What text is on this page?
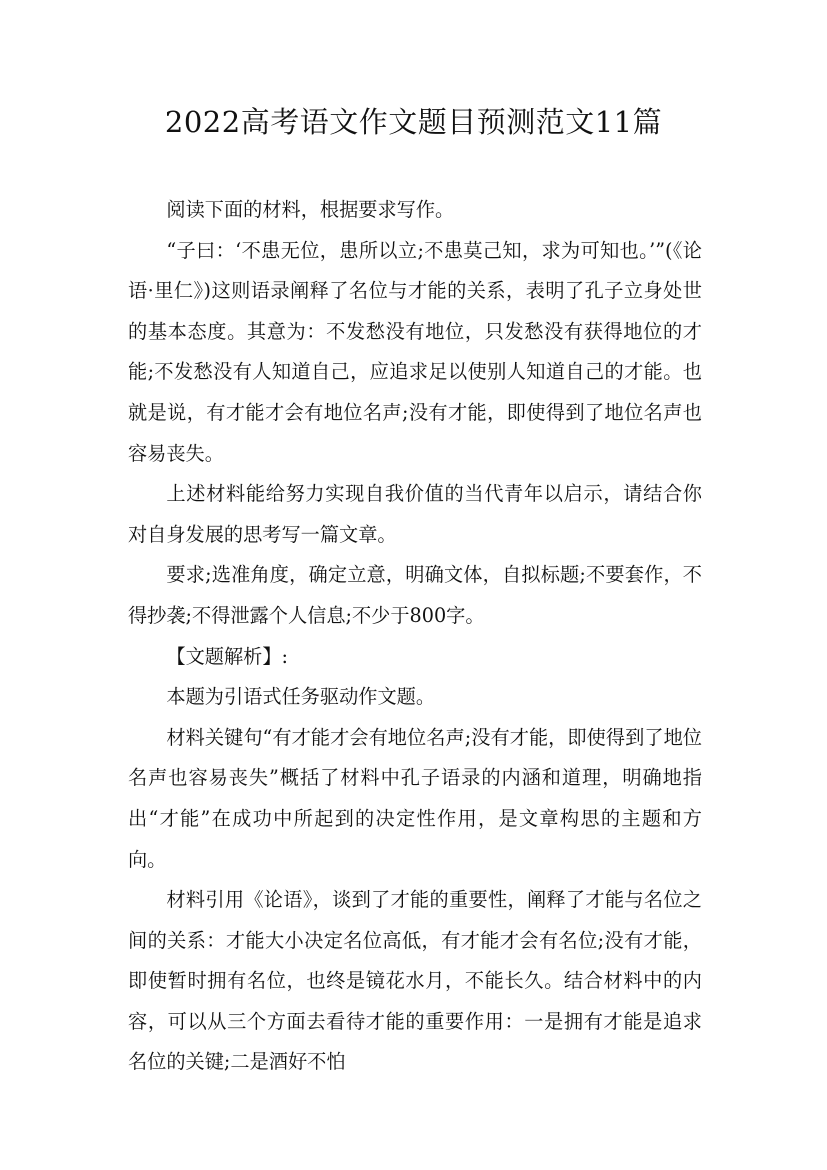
2022高考语文作文题目预测范文11篇

阅读下面的材料，根据要求写作。

“子曰：‘不患无位，患所以立;不患莫己知，求为可知也。’”(《论语·里仁》)这则语录阐释了名位与才能的关系，表明了孔子立身处世的基本态度。其意为：不发愁没有地位，只发愁没有获得地位的才能;不发愁没有人知道自己，应追求足以使别人知道自己的才能。也就是说，有才能才会有地位名声;没有才能，即使得到了地位名声也容易丧失。

上述材料能给努力实现自我价值的当代青年以启示，请结合你对自身发展的思考写一篇文章。

要求;选准角度，确定立意，明确文体，自拟标题;不要套作，不得抄袭;不得泄露个人信息;不少于800字。

【文题解析】:

本题为引语式任务驱动作文题。

材料关键句“有才能才会有地位名声;没有才能，即使得到了地位名声也容易丧失”概括了材料中孔子语录的内涵和道理，明确地指出“才能”在成功中所起到的决定性作用，是文章构思的主题和方向。

材料引用《论语》，谈到了才能的重要性，阐释了才能与名位之间的关系：才能大小决定名位高低，有才能才会有名位;没有才能，即使暂时拥有名位，也终是镜花水月，不能长久。结合材料中的内容，可以从三个方面去看待才能的重要作用：一是拥有才能是追求名位的关键;二是酒好不怕
